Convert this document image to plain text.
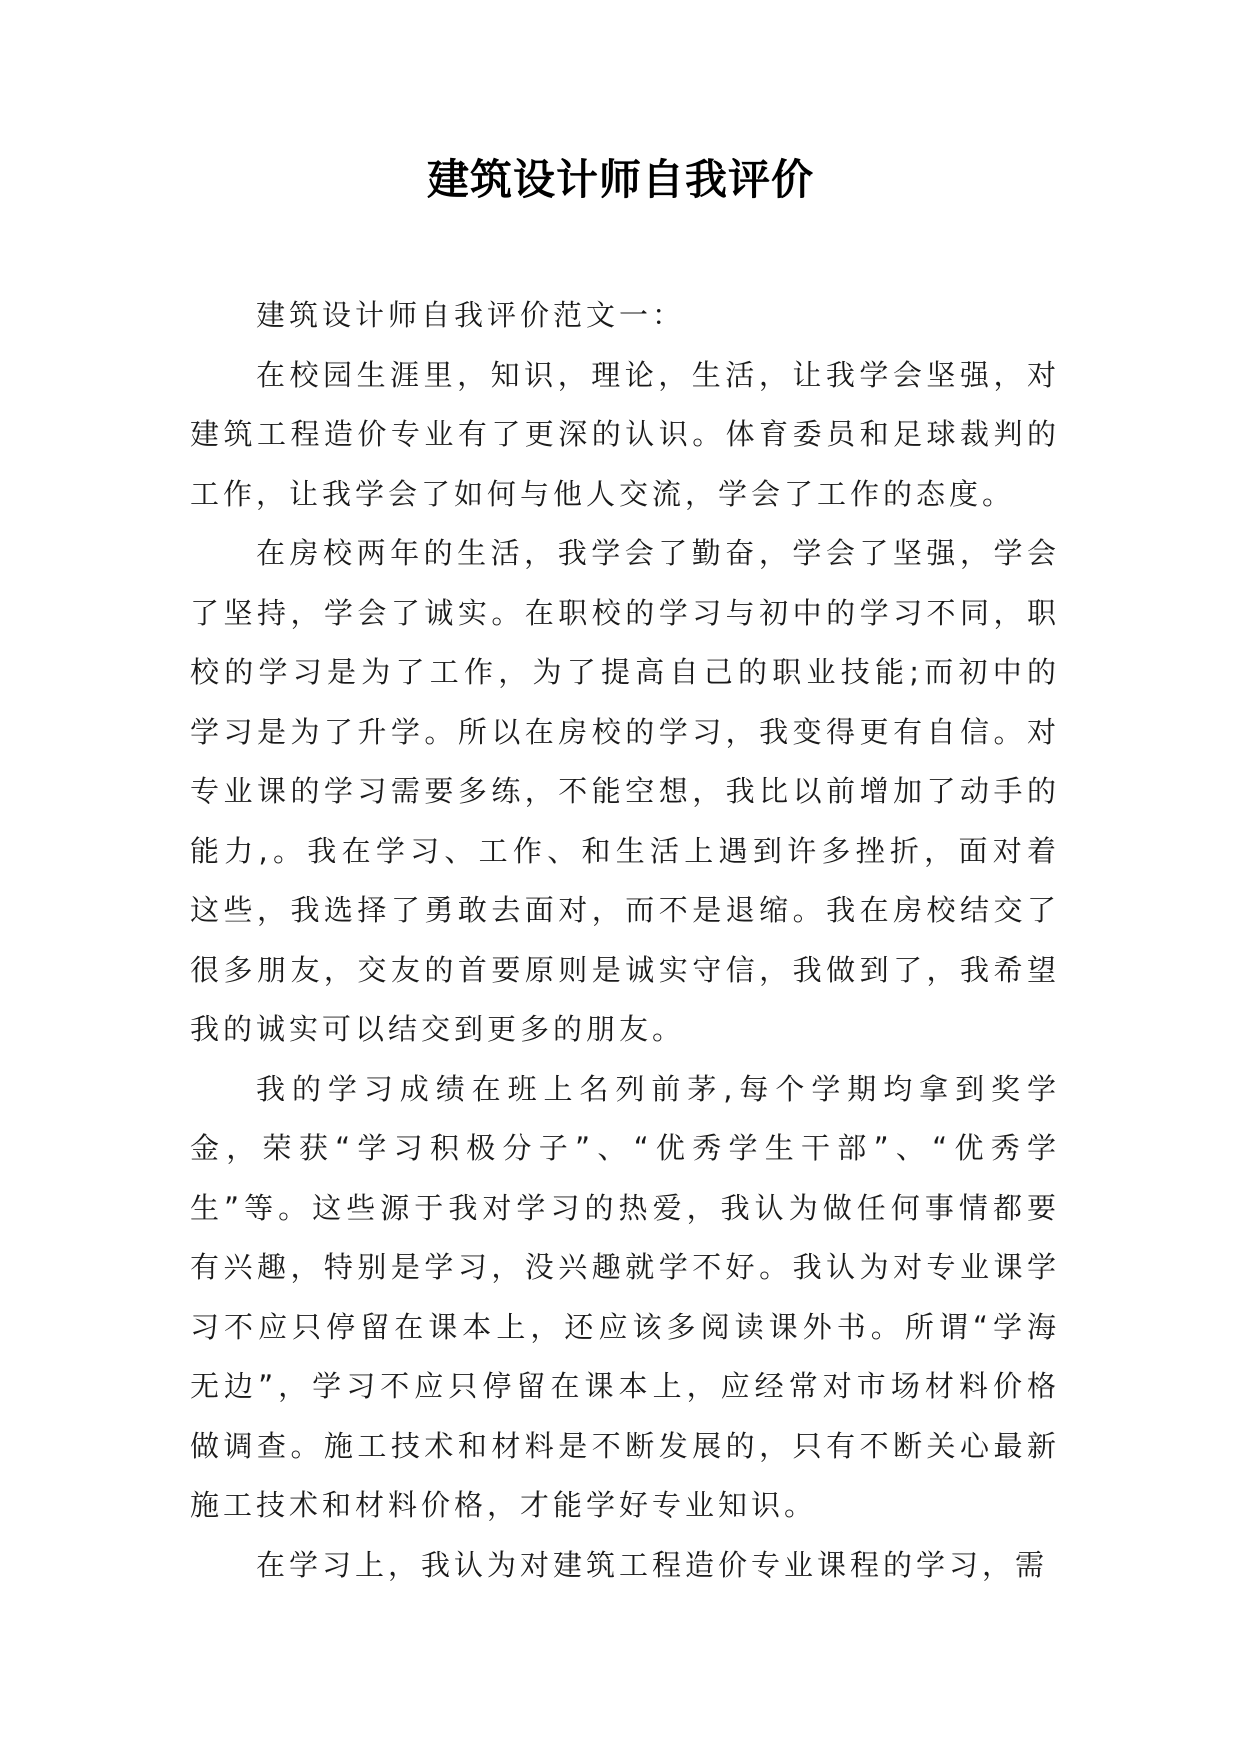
建筑设计师自我评价

建筑设计师自我评价范文一：

在校园生涯里，知识，理论，生活，让我学会坚强，对建筑工程造价专业有了更深的认识。体育委员和足球裁判的工作，让我学会了如何与他人交流，学会了工作的态度。

在房校两年的生活，我学会了勤奋，学会了坚强，学会了坚持，学会了诚实。在职校的学习与初中的学习不同，职校的学习是为了工作，为了提高自己的职业技能;而初中的学习是为了升学。所以在房校的学习，我变得更有自信。对专业课的学习需要多练，不能空想，我比以前增加了动手的能力,。我在学习、工作、和生活上遇到许多挫折，面对着这些，我选择了勇敢去面对，而不是退缩。我在房校结交了很多朋友，交友的首要原则是诚实守信，我做到了，我希望我的诚实可以结交到更多的朋友。

我的学习成绩在班上名列前茅,每个学期均拿到奖学金，荣获“学习积极分子”、“优秀学生干部”、“优秀学生”等。这些源于我对学习的热爱，我认为做任何事情都要有兴趣，特别是学习，没兴趣就学不好。我认为对专业课学习不应只停留在课本上，还应该多阅读课外书。所谓“学海无边”，学习不应只停留在课本上，应经常对市场材料价格做调查。施工技术和材料是不断发展的，只有不断关心最新施工技术和材料价格，才能学好专业知识。

在学习上，我认为对建筑工程造价专业课程的学习，需
